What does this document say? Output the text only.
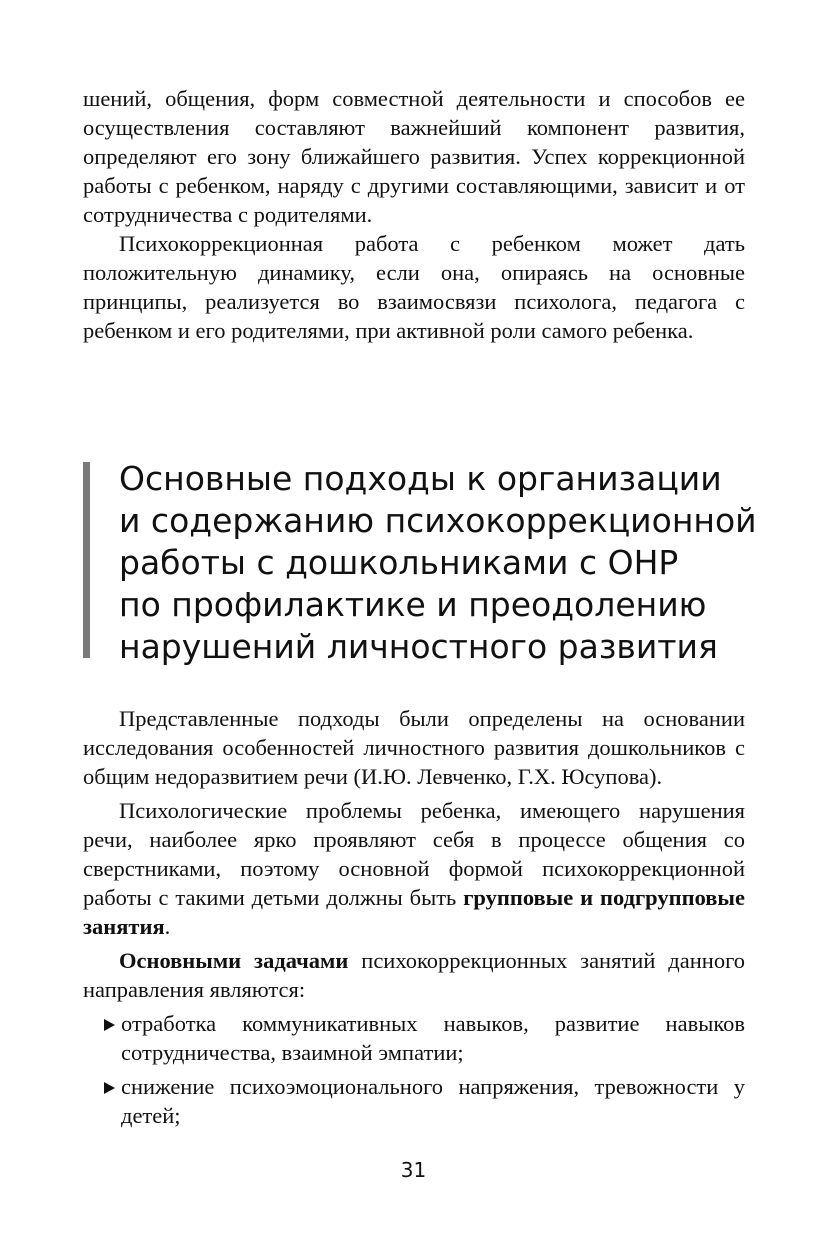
шений, общения, форм совместной деятельности и способов ее осуществления составляют важнейший компонент развития, определяют его зону ближайшего развития. Успех коррекционной работы с ребенком, наряду с другими составляющими, зависит и от сотрудничества с родителями.

Психокоррекционная работа с ребенком может дать положительную динамику, если она, опираясь на основные принципы, реализуется во взаимосвязи психолога, педагога с ребенком и его родителями, при активной роли самого ребенка.

Основные подходы к организации
и содержанию психокоррекционной
работы с дошкольниками с ОНР
по профилактике и преодолению
нарушений личностного развития

Представленные подходы были определены на основании исследования особенностей личностного развития дошкольников с общим недоразвитием речи (И.Ю. Левченко, Г.Х. Юсупова).

Психологические проблемы ребенка, имеющего нарушения речи, наиболее ярко проявляют себя в процессе общения со сверстниками, поэтому основной формой психокоррекционной работы с такими детьми должны быть групповые и подгрупповые занятия.

Основными задачами психокоррекционных занятий данного направления являются:

отработка коммуникативных навыков, развитие навыков сотрудничества, взаимной эмпатии;
снижение психоэмоционального напряжения, тревожности у детей;
31
